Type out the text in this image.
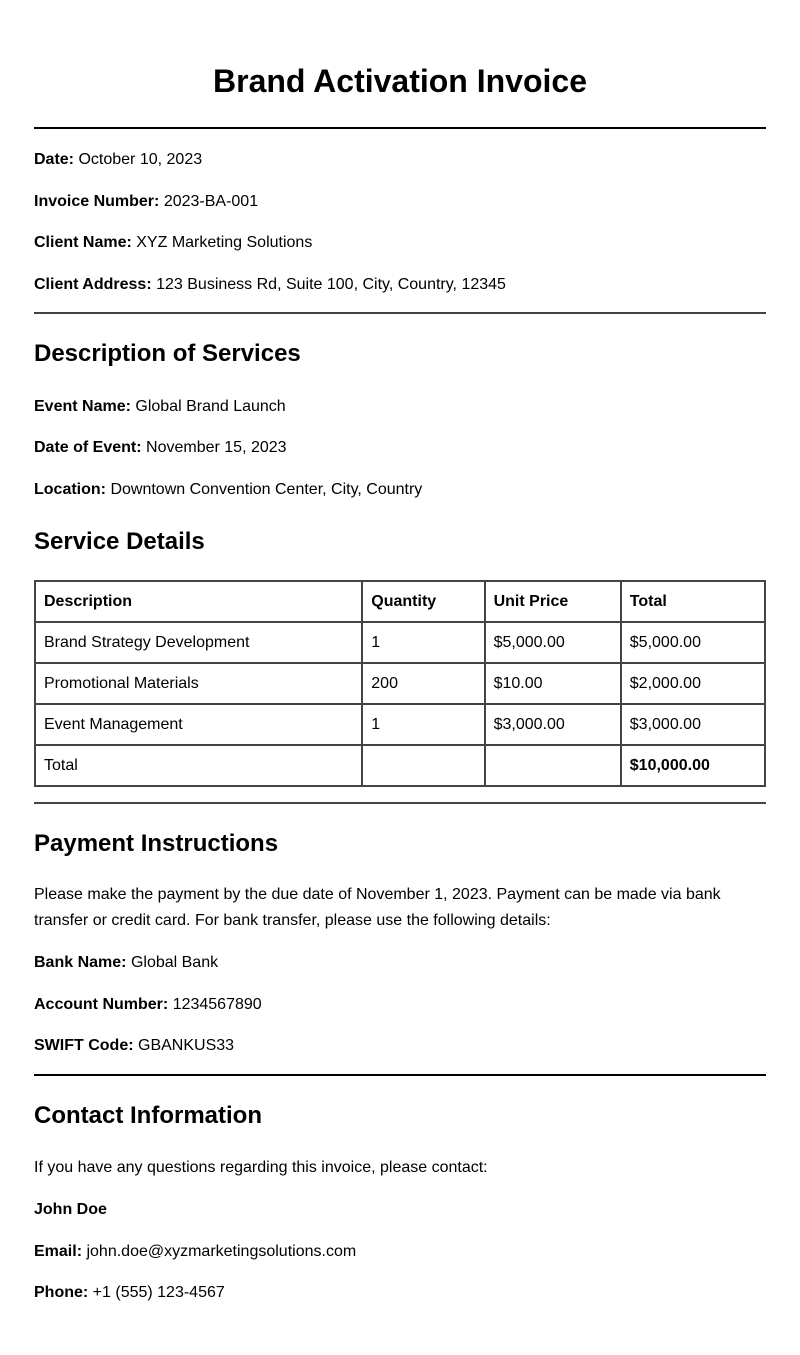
Brand Activation Invoice

Date: October 10, 2023

Invoice Number: 2023-BA-001

Client Name: XYZ Marketing Solutions

Client Address: 123 Business Rd, Suite 100, City, Country, 12345

Description of Services

Event Name: Global Brand Launch

Date of Event: November 15, 2023

Location: Downtown Convention Center, City, Country

Service Details
Description	Quantity	Unit Price	Total
Brand Strategy Development	1	$5,000.00	$5,000.00
Promotional Materials	200	$10.00	$2,000.00
Event Management	1	$3,000.00	$3,000.00
Total			$10,000.00
Payment Instructions

Please make the payment by the due date of November 1, 2023. Payment can be made via bank transfer or credit card. For bank transfer, please use the following details:

Bank Name: Global Bank

Account Number: 1234567890

SWIFT Code: GBANKUS33

Contact Information

If you have any questions regarding this invoice, please contact:

John Doe

Email: john.doe@xyzmarketingsolutions.com

Phone: +1 (555) 123-4567
